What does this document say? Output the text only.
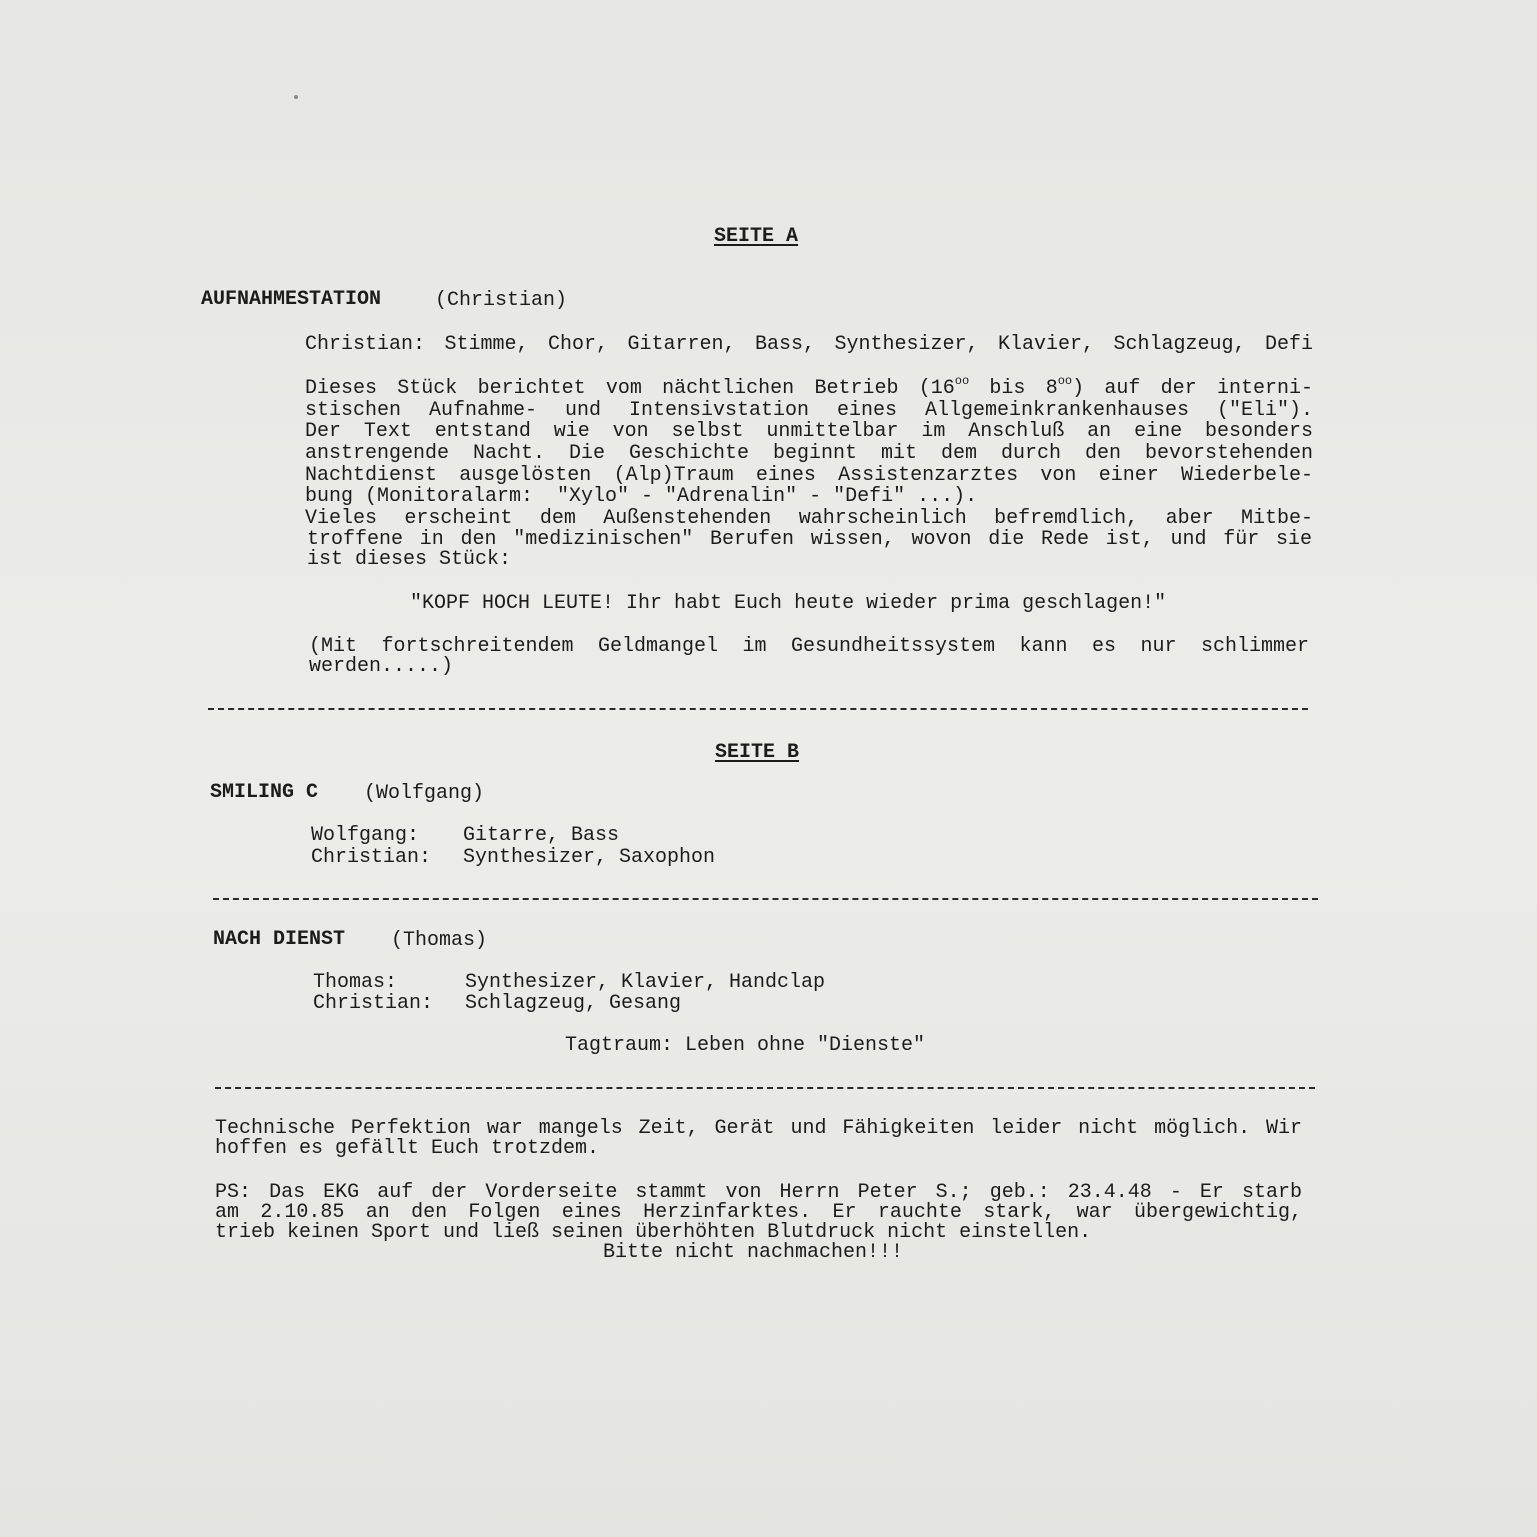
SEITE A
AUFNAHMESTATION	(Christian)
Christian: Stimme, Chor, Gitarren, Bass, Synthesizer, Klavier, Schlagzeug, Defi
Dieses Stück berichtet vom nächtlichen Betrieb ($16^{oo}$ bis $8^{oo}$) auf der interni-
stischen Aufnahme- und Intensivstation eines Allgemeinkrankenhauses ("Eli").
Der Text entstand wie von selbst unmittelbar im Anschluß an eine besonders
anstrengende Nacht. Die Geschichte beginnt mit dem durch den bevorstehenden
Nachtdienst ausgelösten (Alp)Traum eines Assistenzarztes von einer Wiederbele-
bung (Monitoralarm:  "Xylo" - "Adrenalin" - "Defi" ...).
Vieles erscheint dem Außenstehenden wahrscheinlich befremdlich, aber Mitbe-
troffene in den "medizinischen" Berufen wissen, wovon die Rede ist, und für sie
ist dieses Stück:
"KOPF HOCH LEUTE! Ihr habt Euch heute wieder prima geschlagen!"
(Mit fortschreitendem Geldmangel im Gesundheitssystem kann es nur schlimmer
werden.....)
SEITE B
SMILING C (Wolfgang)
Wolfgang: Gitarre, Bass
Christian: Synthesizer, Saxophon
NACH DIENST (Thomas)
Thomas:	Synthesizer, Klavier, Handclap
Christian: Schlagzeug, Gesang
Tagtraum: Leben ohne "Dienste"
Technische Perfektion war mangels Zeit, Gerät und Fähigkeiten leider nicht möglich. Wir
hoffen es gefällt Euch trotzdem.
PS: Das EKG auf der Vorderseite stammt von Herrn Peter S.; geb.: 23.4.48 - Er starb
am 2.10.85 an den Folgen eines Herzinfarktes. Er rauchte stark, war übergewichtig,
trieb keinen Sport und ließ seinen überhöhten Blutdruck nicht einstellen.
Bitte nicht nachmachen!!!
